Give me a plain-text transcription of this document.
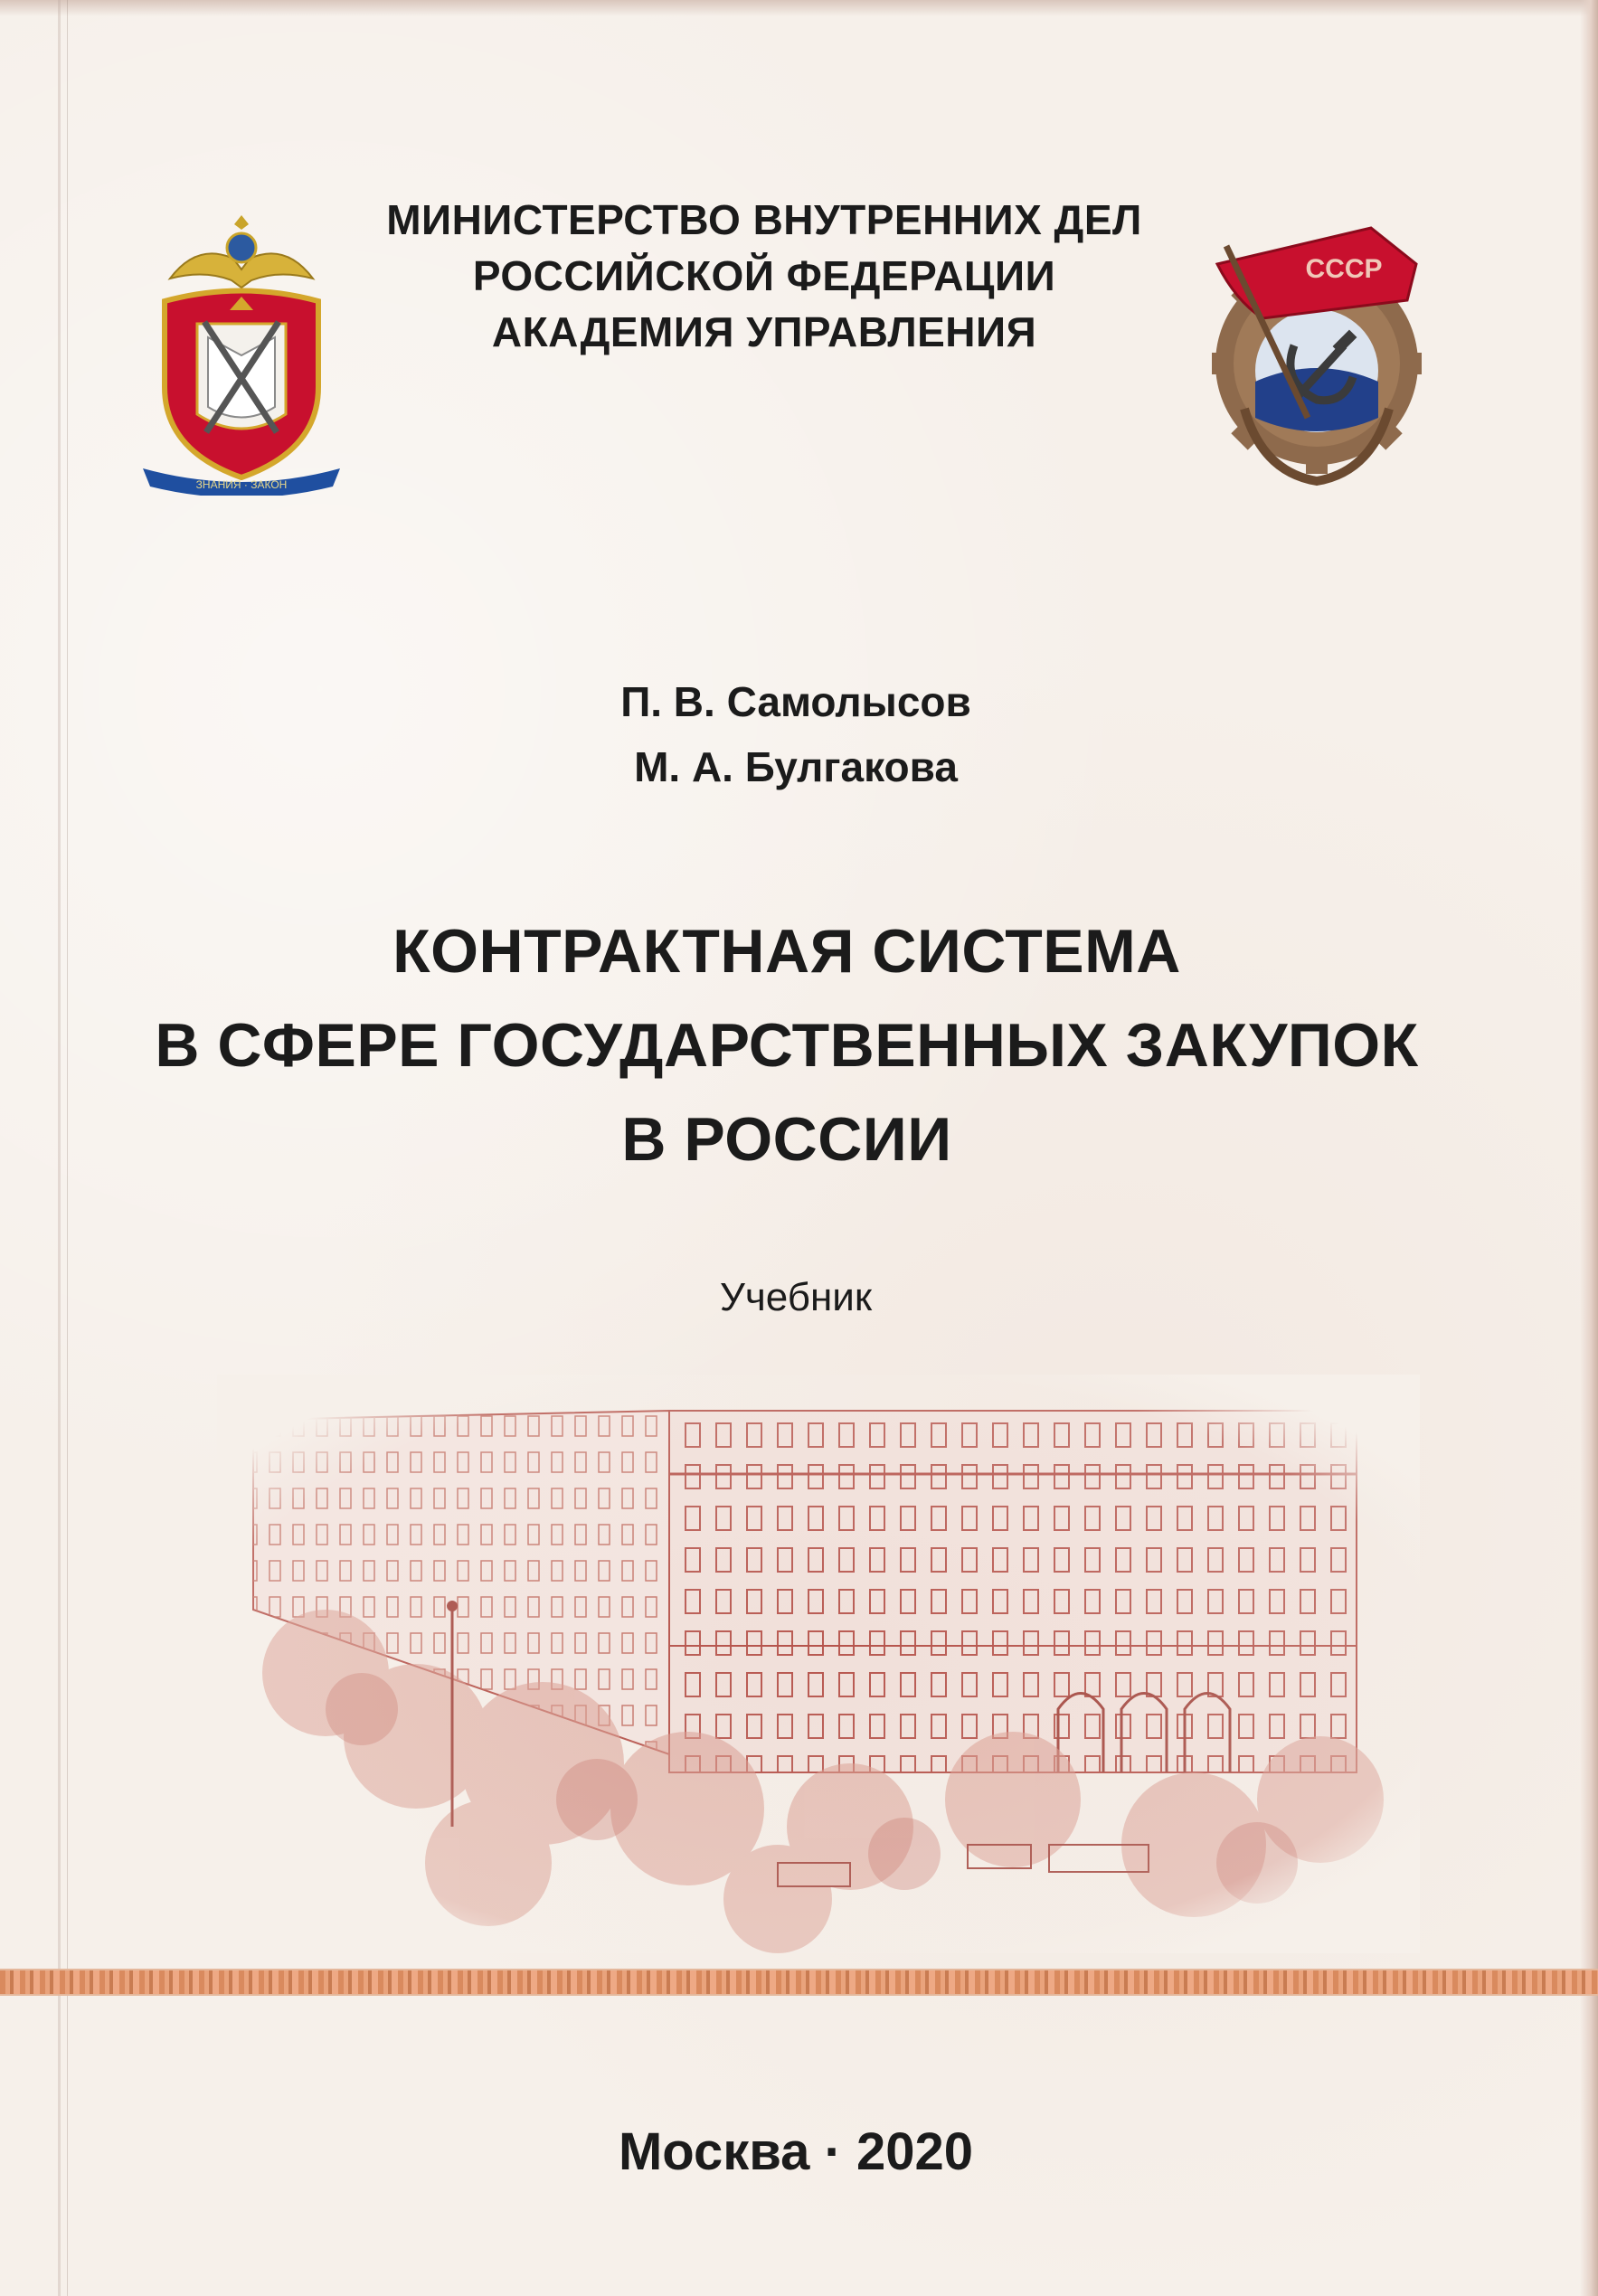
ЗНАНИЯ · ЗАКОН
СССР
МИНИСТЕРСТВО ВНУТРЕННИХ ДЕЛ
РОССИЙСКОЙ ФЕДЕРАЦИИ
АКАДЕМИЯ УПРАВЛЕНИЯ
П. В. Самолысов
М. А. Булгакова
КОНТРАКТНАЯ СИСТЕМА
В СФЕРЕ ГОСУДАРСТВЕННЫХ ЗАКУПОК
В РОССИИ
Учебник
Москва · 2020
